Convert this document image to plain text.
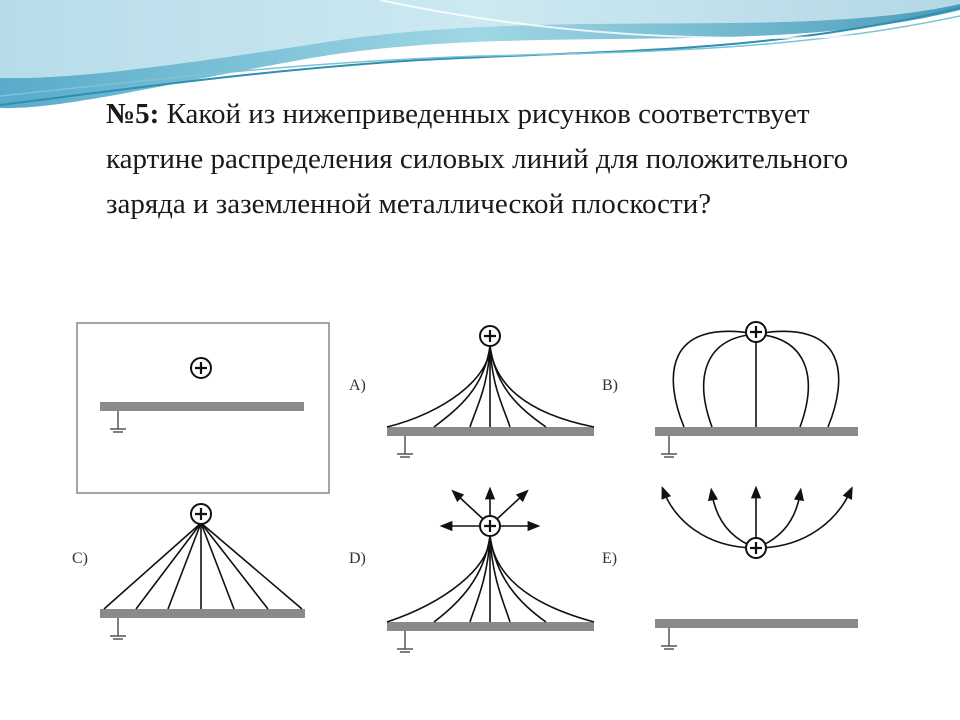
№5: Какой из нижеприведенных рисунков соответствует картине распределения силовых линий для положительного заряда и заземленной металлической плоскости?
A)	B)
C)	D)	E)
